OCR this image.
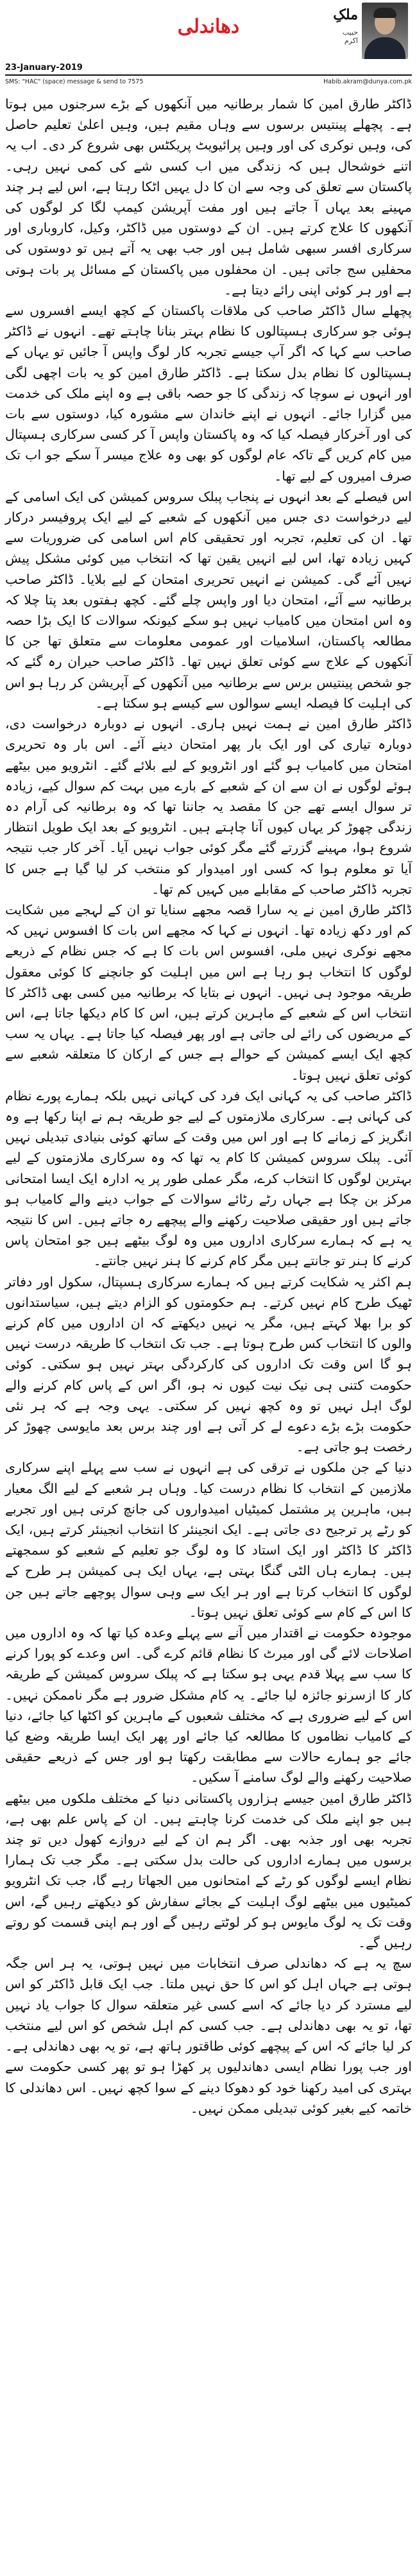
دھاندلی
ملکِ
حبیب اکرم
23-January-2019
SMS: "HAC" (space) message & send to 7575	Habib.akram@dunya.com.pk

ڈاکٹر طارق امین کا شمار برطانیہ میں آنکھوں کے بڑے سرجنوں میں ہوتا ہے۔ پچھلے پینتیس برسوں سے وہاں مقیم ہیں، وہیں اعلیٰ تعلیم حاصل کی، وہیں نوکری کی اور وہیں پرائیویٹ پریکٹس بھی شروع کر دی۔ اب یہ اتنے خوشحال ہیں کہ زندگی میں اب کسی شے کی کمی نہیں رہی۔ پاکستان سے تعلق کی وجہ سے ان کا دل یہیں اٹکا رہتا ہے، اس لیے ہر چند مہینے بعد یہاں آ جاتے ہیں اور مفت آپریشن کیمپ لگا کر لوگوں کی آنکھوں کا علاج کرتے ہیں۔ ان کے دوستوں میں ڈاکٹر، وکیل، کاروباری اور سرکاری افسر سبھی شامل ہیں اور جب بھی یہ آتے ہیں تو دوستوں کی محفلیں سج جاتی ہیں۔ ان محفلوں میں پاکستان کے مسائل پر بات ہوتی ہے اور ہر کوئی اپنی رائے دیتا ہے۔

پچھلے سال ڈاکٹر صاحب کی ملاقات پاکستان کے کچھ ایسے افسروں سے ہوئی جو سرکاری ہسپتالوں کا نظام بہتر بنانا چاہتے تھے۔ انہوں نے ڈاکٹر صاحب سے کہا کہ اگر آپ جیسے تجربہ کار لوگ واپس آ جائیں تو یہاں کے ہسپتالوں کا نظام بدل سکتا ہے۔ ڈاکٹر طارق امین کو یہ بات اچھی لگی اور انہوں نے سوچا کہ زندگی کا جو حصہ باقی ہے وہ اپنے ملک کی خدمت میں گزارا جائے۔ انہوں نے اپنے خاندان سے مشورہ کیا، دوستوں سے بات کی اور آخرکار فیصلہ کیا کہ وہ پاکستان واپس آ کر کسی سرکاری ہسپتال میں کام کریں گے تاکہ عام لوگوں کو بھی وہ علاج میسر آ سکے جو اب تک صرف امیروں کے لیے تھا۔

اس فیصلے کے بعد انہوں نے پنجاب پبلک سروس کمیشن کی ایک اسامی کے لیے درخواست دی جس میں آنکھوں کے شعبے کے لیے ایک پروفیسر درکار تھا۔ ان کی تعلیم، تجربہ اور تحقیقی کام اس اسامی کی ضروریات سے کہیں زیادہ تھا، اس لیے انہیں یقین تھا کہ انتخاب میں کوئی مشکل پیش نہیں آئے گی۔ کمیشن نے انہیں تحریری امتحان کے لیے بلایا۔ ڈاکٹر صاحب برطانیہ سے آئے، امتحان دیا اور واپس چلے گئے۔ کچھ ہفتوں بعد پتا چلا کہ وہ اس امتحان میں کامیاب نہیں ہو سکے کیونکہ سوالات کا ایک بڑا حصہ مطالعہ پاکستان، اسلامیات اور عمومی معلومات سے متعلق تھا جن کا آنکھوں کے علاج سے کوئی تعلق نہیں تھا۔ ڈاکٹر صاحب حیران رہ گئے کہ جو شخص پینتیس برس سے برطانیہ میں آنکھوں کے آپریشن کر رہا ہو اس کی اہلیت کا فیصلہ ایسے سوالوں سے کیسے ہو سکتا ہے۔

ڈاکٹر طارق امین نے ہمت نہیں ہاری۔ انہوں نے دوبارہ درخواست دی، دوبارہ تیاری کی اور ایک بار پھر امتحان دینے آئے۔ اس بار وہ تحریری امتحان میں کامیاب ہو گئے اور انٹرویو کے لیے بلائے گئے۔ انٹرویو میں بیٹھے ہوئے لوگوں نے ان سے ان کے شعبے کے بارے میں بہت کم سوال کیے، زیادہ تر سوال ایسے تھے جن کا مقصد یہ جاننا تھا کہ وہ برطانیہ کی آرام دہ زندگی چھوڑ کر یہاں کیوں آنا چاہتے ہیں۔ انٹرویو کے بعد ایک طویل انتظار شروع ہوا، مہینے گزرتے گئے مگر کوئی جواب نہیں آیا۔ آخر کار جب نتیجہ آیا تو معلوم ہوا کہ کسی اور امیدوار کو منتخب کر لیا گیا ہے جس کا تجربہ ڈاکٹر صاحب کے مقابلے میں کہیں کم تھا۔

ڈاکٹر طارق امین نے یہ سارا قصہ مجھے سنایا تو ان کے لہجے میں شکایت کم اور دکھ زیادہ تھا۔ انہوں نے کہا کہ مجھے اس بات کا افسوس نہیں کہ مجھے نوکری نہیں ملی، افسوس اس بات کا ہے کہ جس نظام کے ذریعے لوگوں کا انتخاب ہو رہا ہے اس میں اہلیت کو جانچنے کا کوئی معقول طریقہ موجود ہی نہیں۔ انہوں نے بتایا کہ برطانیہ میں کسی بھی ڈاکٹر کا انتخاب اس کے شعبے کے ماہرین کرتے ہیں، اس کا کام دیکھا جاتا ہے، اس کے مریضوں کی رائے لی جاتی ہے اور پھر فیصلہ کیا جاتا ہے۔ یہاں یہ سب کچھ ایک ایسے کمیشن کے حوالے ہے جس کے ارکان کا متعلقہ شعبے سے کوئی تعلق نہیں ہوتا۔

ڈاکٹر صاحب کی یہ کہانی ایک فرد کی کہانی نہیں بلکہ ہمارے پورے نظام کی کہانی ہے۔ سرکاری ملازمتوں کے لیے جو طریقہ ہم نے اپنا رکھا ہے وہ انگریز کے زمانے کا ہے اور اس میں وقت کے ساتھ کوئی بنیادی تبدیلی نہیں آئی۔ پبلک سروس کمیشن کا کام یہ تھا کہ وہ سرکاری ملازمتوں کے لیے بہترین لوگوں کا انتخاب کرے، مگر عملی طور پر یہ ادارہ ایک ایسا امتحانی مرکز بن چکا ہے جہاں رٹے رٹائے سوالات کے جواب دینے والے کامیاب ہو جاتے ہیں اور حقیقی صلاحیت رکھنے والے پیچھے رہ جاتے ہیں۔ اس کا نتیجہ یہ ہے کہ ہمارے سرکاری اداروں میں وہ لوگ بیٹھے ہیں جو امتحان پاس کرنے کا ہنر تو جانتے ہیں مگر کام کرنے کا ہنر نہیں جانتے۔

ہم اکثر یہ شکایت کرتے ہیں کہ ہمارے سرکاری ہسپتال، سکول اور دفاتر ٹھیک طرح کام نہیں کرتے۔ ہم حکومتوں کو الزام دیتے ہیں، سیاستدانوں کو برا بھلا کہتے ہیں، مگر یہ نہیں دیکھتے کہ ان اداروں میں کام کرنے والوں کا انتخاب کس طرح ہوتا ہے۔ جب تک انتخاب کا طریقہ درست نہیں ہو گا اس وقت تک اداروں کی کارکردگی بہتر نہیں ہو سکتی۔ کوئی حکومت کتنی ہی نیک نیت کیوں نہ ہو، اگر اس کے پاس کام کرنے والے لوگ اہل نہیں تو وہ کچھ نہیں کر سکتی۔ یہی وجہ ہے کہ ہر نئی حکومت بڑے بڑے دعوے لے کر آتی ہے اور چند برس بعد مایوسی چھوڑ کر رخصت ہو جاتی ہے۔

دنیا کے جن ملکوں نے ترقی کی ہے انہوں نے سب سے پہلے اپنے سرکاری ملازمین کے انتخاب کا نظام درست کیا۔ وہاں ہر شعبے کے لیے الگ معیار ہیں، ماہرین پر مشتمل کمیٹیاں امیدواروں کی جانچ کرتی ہیں اور تجربے کو رٹے پر ترجیح دی جاتی ہے۔ ایک انجینئر کا انتخاب انجینئر کرتے ہیں، ایک ڈاکٹر کا ڈاکٹر اور ایک استاد کا وہ لوگ جو تعلیم کے شعبے کو سمجھتے ہیں۔ ہمارے ہاں الٹی گنگا بہتی ہے، یہاں ایک ہی کمیشن ہر طرح کے لوگوں کا انتخاب کرتا ہے اور ہر ایک سے وہی سوال پوچھے جاتے ہیں جن کا اس کے کام سے کوئی تعلق نہیں ہوتا۔

موجودہ حکومت نے اقتدار میں آنے سے پہلے وعدہ کیا تھا کہ وہ اداروں میں اصلاحات لائے گی اور میرٹ کا نظام قائم کرے گی۔ اس وعدے کو پورا کرنے کا سب سے پہلا قدم یہی ہو سکتا ہے کہ پبلک سروس کمیشن کے طریقہ کار کا ازسرنو جائزہ لیا جائے۔ یہ کام مشکل ضرور ہے مگر ناممکن نہیں۔ اس کے لیے ضروری ہے کہ مختلف شعبوں کے ماہرین کو اکٹھا کیا جائے، دنیا کے کامیاب نظاموں کا مطالعہ کیا جائے اور پھر ایک ایسا طریقہ وضع کیا جائے جو ہمارے حالات سے مطابقت رکھتا ہو اور جس کے ذریعے حقیقی صلاحیت رکھنے والے لوگ سامنے آ سکیں۔

ڈاکٹر طارق امین جیسے ہزاروں پاکستانی دنیا کے مختلف ملکوں میں بیٹھے ہیں جو اپنے ملک کی خدمت کرنا چاہتے ہیں۔ ان کے پاس علم بھی ہے، تجربہ بھی اور جذبہ بھی۔ اگر ہم ان کے لیے دروازے کھول دیں تو چند برسوں میں ہمارے اداروں کی حالت بدل سکتی ہے۔ مگر جب تک ہمارا نظام ایسے لوگوں کو رٹے کے امتحانوں میں الجھاتا رہے گا، جب تک انٹرویو کمیٹیوں میں بیٹھے لوگ اہلیت کے بجائے سفارش کو دیکھتے رہیں گے، اس وقت تک یہ لوگ مایوس ہو کر لوٹتے رہیں گے اور ہم اپنی قسمت کو روتے رہیں گے۔

سچ یہ ہے کہ دھاندلی صرف انتخابات میں نہیں ہوتی، یہ ہر اس جگہ ہوتی ہے جہاں اہل کو اس کا حق نہیں ملتا۔ جب ایک قابل ڈاکٹر کو اس لیے مسترد کر دیا جائے کہ اسے کسی غیر متعلقہ سوال کا جواب یاد نہیں تھا، تو یہ بھی دھاندلی ہے۔ جب کسی کم اہل شخص کو اس لیے منتخب کر لیا جائے کہ اس کے پیچھے کوئی طاقتور ہاتھ ہے، تو یہ بھی دھاندلی ہے۔ اور جب پورا نظام ایسی دھاندلیوں پر کھڑا ہو تو پھر کسی حکومت سے بہتری کی امید رکھنا خود کو دھوکا دینے کے سوا کچھ نہیں۔ اس دھاندلی کا خاتمہ کیے بغیر کوئی تبدیلی ممکن نہیں۔
